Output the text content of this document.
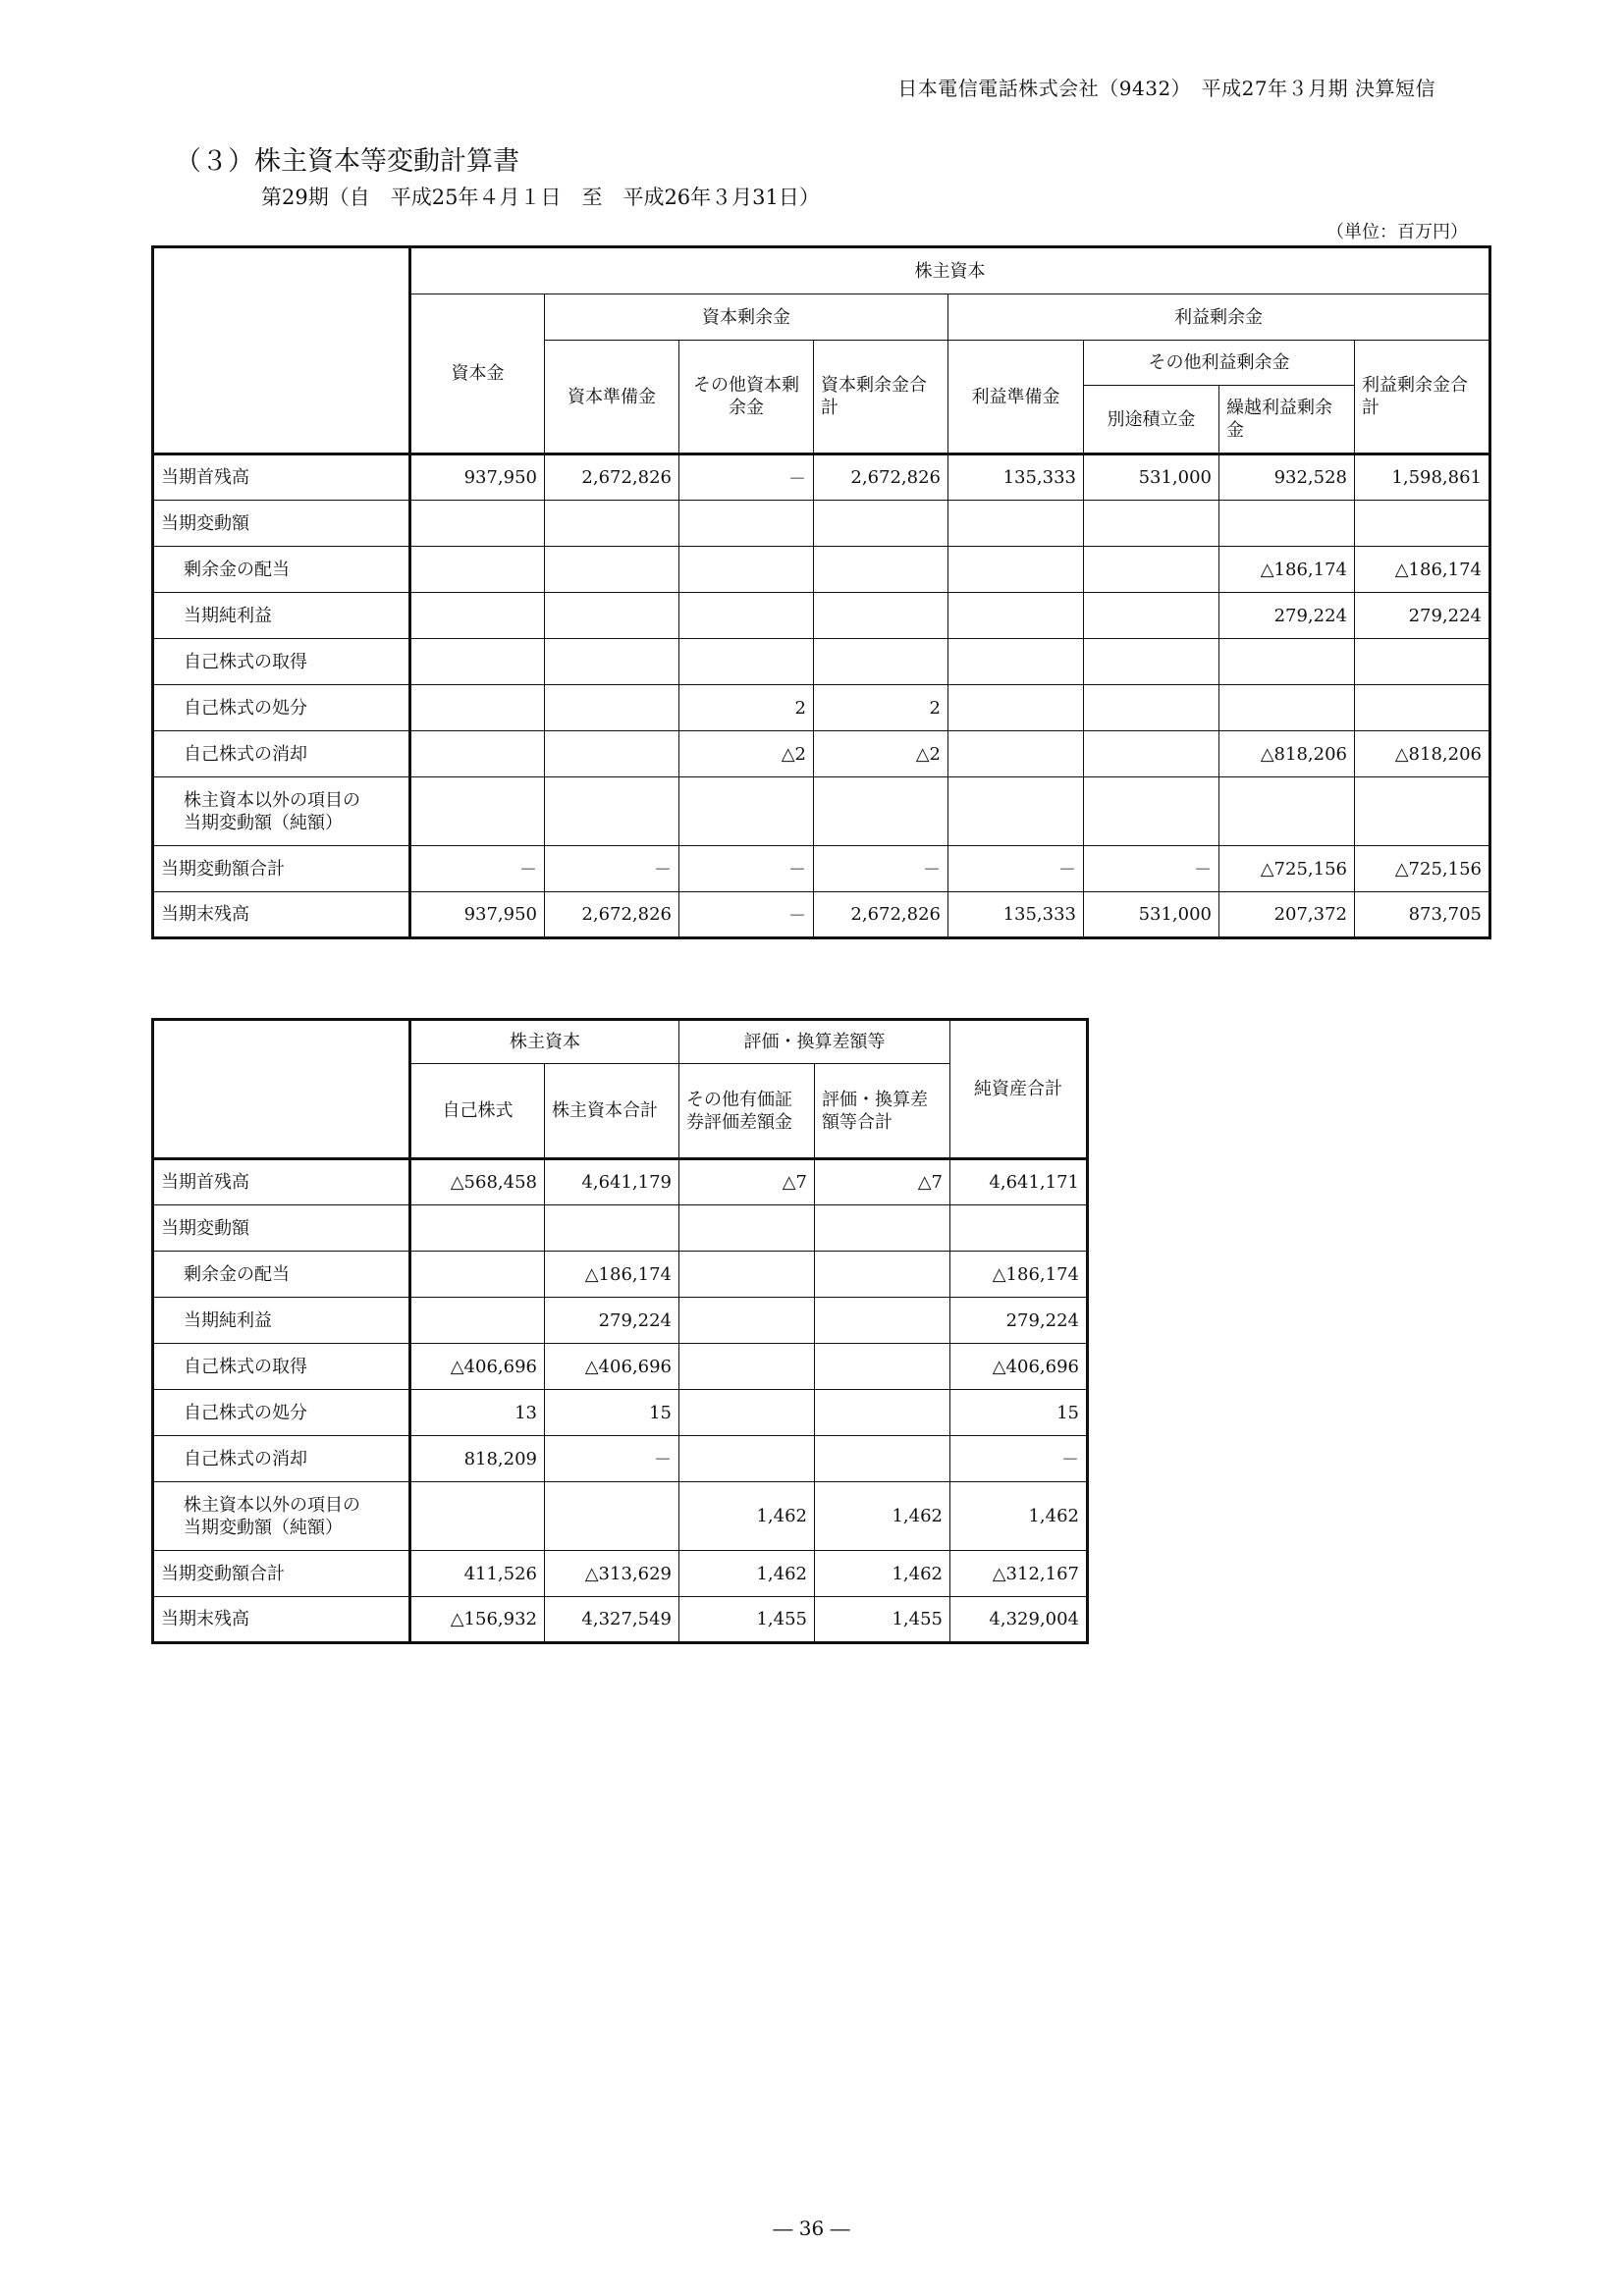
日本電信電話株式会社（9432）　平成27年３月期 決算短信
（３）株主資本等変動計算書
第29期（自　平成25年４月１日　至　平成26年３月31日）
（単位：百万円）
	株主資本							
	資本金	資本剰余金			利益剰余金			
		資本準備金	その他資本剰余金	資本剰余金合計	利益準備金	その他利益剰余金		利益剰余金合計
						別途積立金	繰越利益剰余金	

当期首残高	937,950	2,672,826	－	2,672,826	135,333	531,000	932,528	1,598,861
当期変動額								
剰余金の配当							△186,174	△186,174
当期純利益							279,224	279,224
自己株式の取得								
自己株式の処分			2	2				
自己株式の消却			△2	△2			△818,206	△818,206
株主資本以外の項目の当期変動額（純額）								
当期変動額合計	－	－	－	－	－	－	△725,156	△725,156
当期末残高	937,950	2,672,826	－	2,672,826	135,333	531,000	207,372	873,705
	株主資本		評価・換算差額等		純資産合計
	自己株式	株主資本合計	その他有価証券評価差額金	評価・換算差額等合計	
当期首残高	△568,458	4,641,179	△7	△7	4,641,171
当期変動額					
剰余金の配当		△186,174			△186,174
当期純利益		279,224			279,224
自己株式の取得	△406,696	△406,696			△406,696
自己株式の処分	13	15			15
自己株式の消却	818,209	－			－
株主資本以外の項目の当期変動額（純額）			1,462	1,462	1,462
当期変動額合計	411,526	△313,629	1,462	1,462	△312,167
当期末残高	△156,932	4,327,549	1,455	1,455	4,329,004
― 36 ―
